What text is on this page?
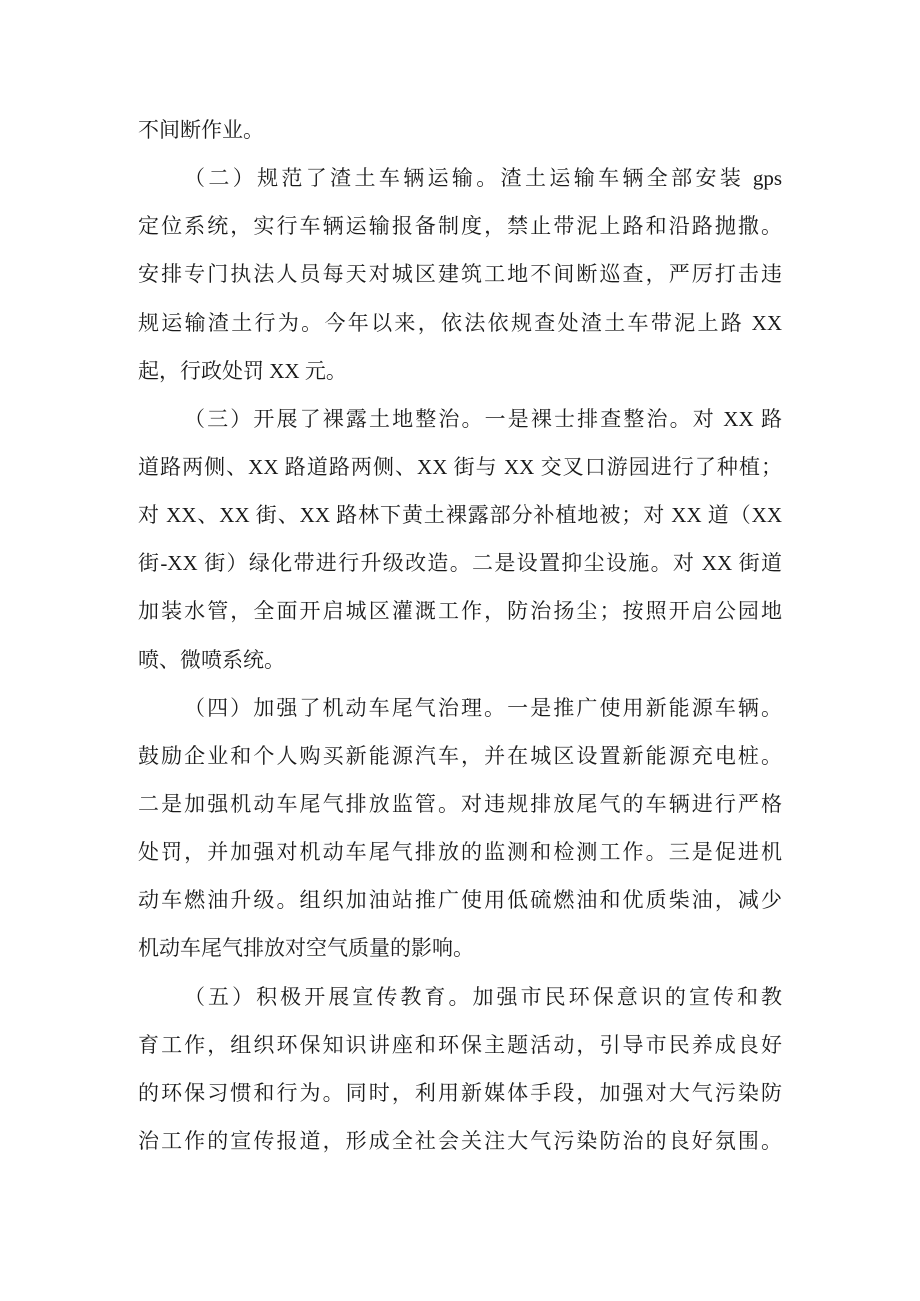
不间断作业。
（二）规范了渣土车辆运输。渣土运输车辆全部安装 gps
定位系统，实行车辆运输报备制度，禁止带泥上路和沿路抛撒。
安排专门执法人员每天对城区建筑工地不间断巡查，严厉打击违
规运输渣土行为。今年以来，依法依规查处渣土车带泥上路 XX
起，行政处罚 XX 元。
（三）开展了裸露土地整治。一是裸士排查整治。对 XX 路
道路两侧、XX 路道路两侧、XX 街与 XX 交叉口游园进行了种植；
对 XX、XX 街、XX 路林下黄土裸露部分补植地被；对 XX 道（XX
街-XX 街）绿化带进行升级改造。二是设置抑尘设施。对 XX 街道
加装水管，全面开启城区灌溉工作，防治扬尘；按照开启公园地
喷、微喷系统。
（四）加强了机动车尾气治理。一是推广使用新能源车辆。
鼓励企业和个人购买新能源汽车，并在城区设置新能源充电桩。
二是加强机动车尾气排放监管。对违规排放尾气的车辆进行严格
处罚，并加强对机动车尾气排放的监测和检测工作。三是促进机
动车燃油升级。组织加油站推广使用低硫燃油和优质柴油，减少
机动车尾气排放对空气质量的影响。
（五）积极开展宣传教育。加强市民环保意识的宣传和教
育工作，组织环保知识讲座和环保主题活动，引导市民养成良好
的环保习惯和行为。同时，利用新媒体手段，加强对大气污染防
治工作的宣传报道，形成全社会关注大气污染防治的良好氛围。
